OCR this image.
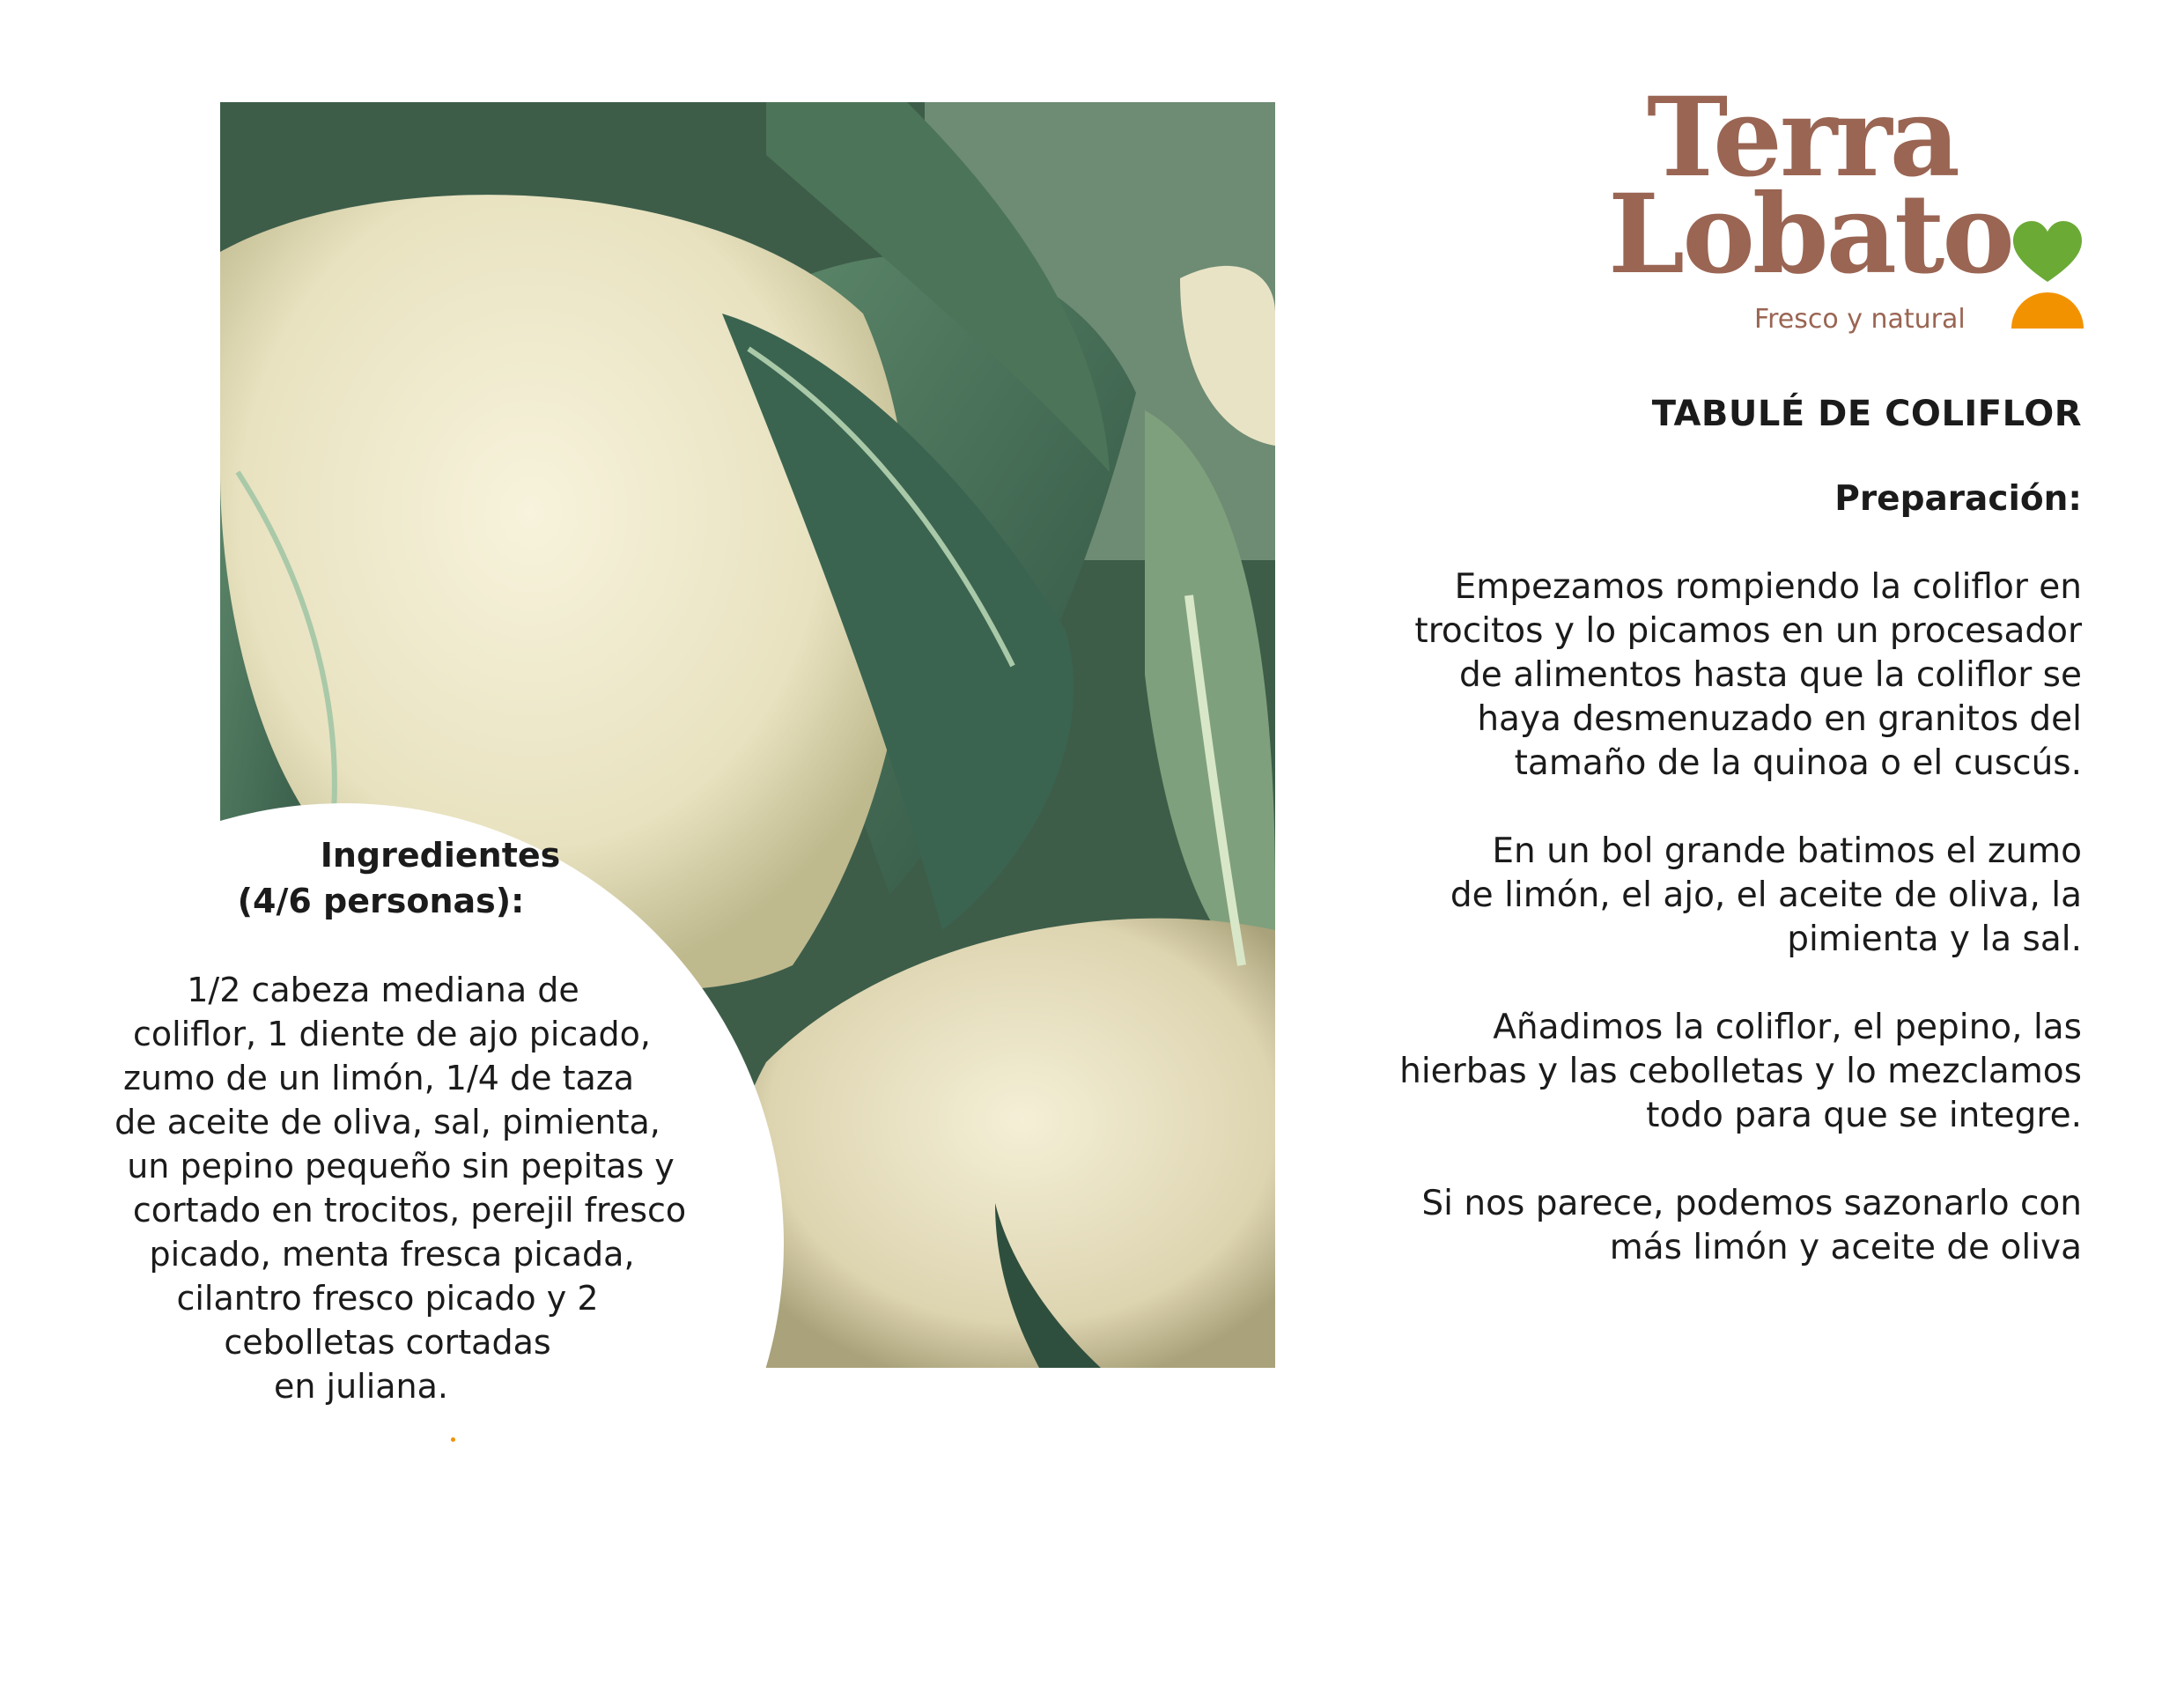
Ingredientes
(4/6 personas):
1/2 cabeza mediana de
coliflor, 1 diente de ajo picado,
zumo de un limón, 1/4 de taza
de aceite de oliva, sal, pimienta,
un pepino pequeño sin pepitas y
cortado en trocitos, perejil fresco
picado, menta fresca picada,
cilantro fresco picado y 2
cebolletas cortadas
en juliana.
Terra
Lobato
Fresco y natural
TABULÉ DE COLIFLOR
Preparación:
Empezamos rompiendo la coliflor en
trocitos y lo picamos en un procesador
de alimentos hasta que la coliflor se
haya desmenuzado en granitos del
tamaño de la quinoa o el cuscús.
En un bol grande batimos el zumo
de limón, el ajo, el aceite de oliva, la
pimienta y la sal.
Añadimos la coliflor, el pepino, las
hierbas y las cebolletas y lo mezclamos
todo para que se integre.
Si nos parece, podemos sazonarlo con
más limón y aceite de oliva
